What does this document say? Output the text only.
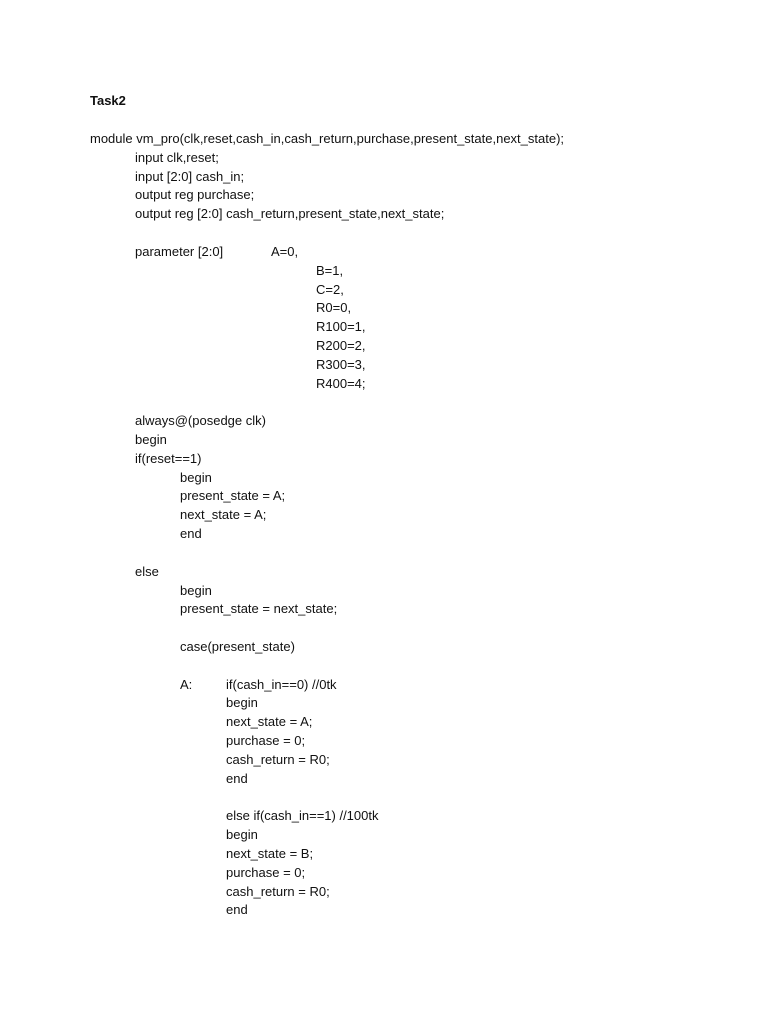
Task2
module vm_pro(clk,reset,cash_in,cash_return,purchase,present_state,next_state);
input clk,reset;
input [2:0] cash_in;
output reg purchase;
output reg [2:0] cash_return,present_state,next_state;

parameter [2:0]

	A=0,

B=1,
C=2,
R0=0,
R100=1,
R200=2,
R300=3,
R400=4;
always@(posedge clk)
begin
if(reset==1)
begin
present_state = A;
next_state = A;
end
else
begin
present_state = next_state;
case(present_state)

A:

	if(cash_in==0) //0tk

begin
next_state = A;
purchase = 0;
cash_return = R0;
end
else if(cash_in==1) //100tk
begin
next_state = B;
purchase = 0;
cash_return = R0;
end
